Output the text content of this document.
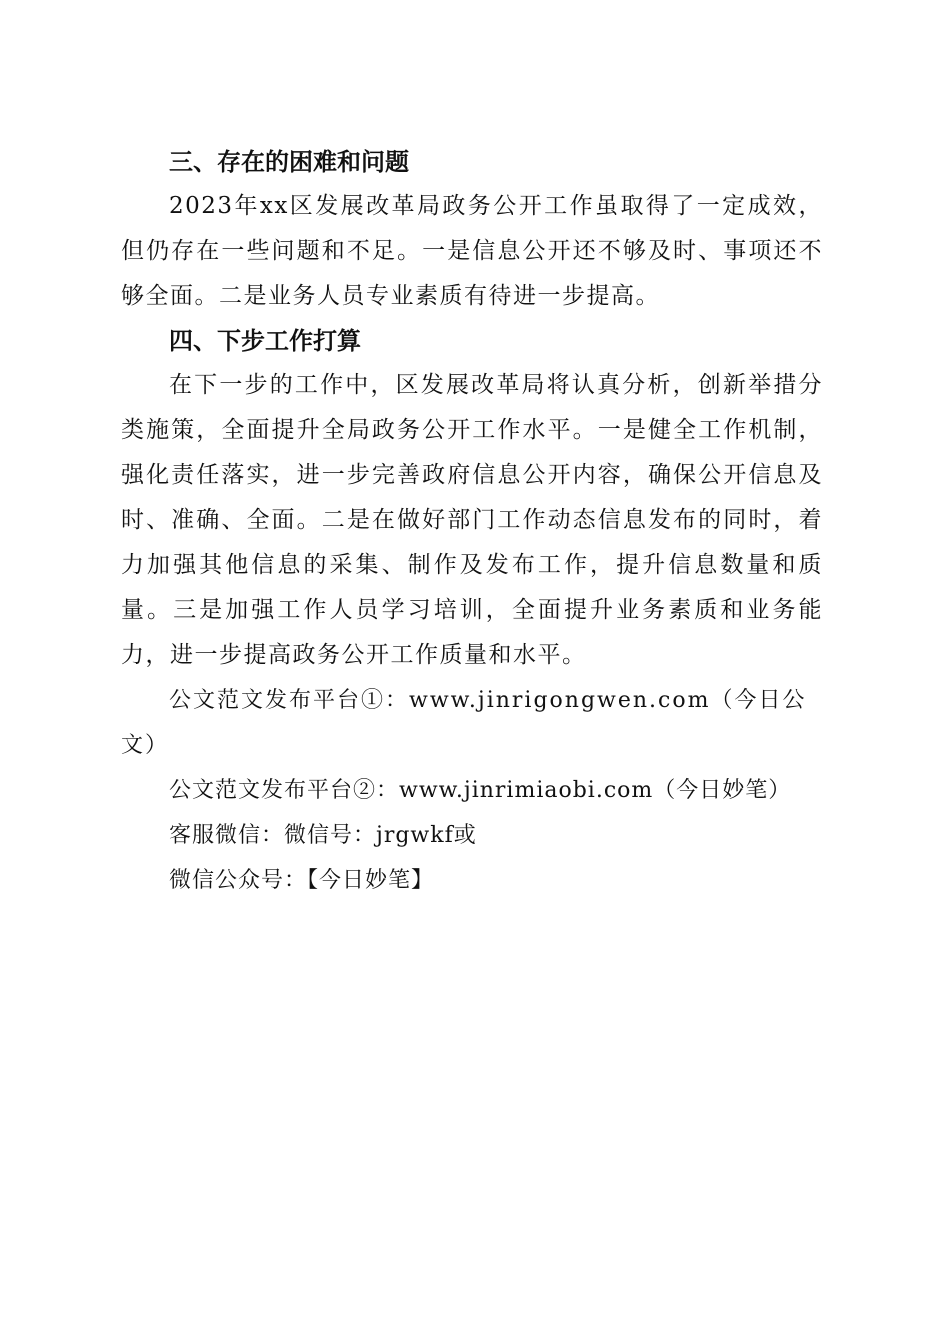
三、存在的困难和问题

2023年xx区发展改革局政务公开工作虽取得了一定成效，但仍存在一些问题和不足。一是信息公开还不够及时、事项还不够全面。二是业务人员专业素质有待进一步提高。

四、下步工作打算

在下一步的工作中，区发展改革局将认真分析，创新举措分类施策，全面提升全局政务公开工作水平。一是健全工作机制，强化责任落实，进一步完善政府信息公开内容，确保公开信息及时、准确、全面。二是在做好部门工作动态信息发布的同时，着力加强其他信息的采集、制作及发布工作，提升信息数量和质量。三是加强工作人员学习培训，全面提升业务素质和业务能力，进一步提高政务公开工作质量和水平。

公文范文发布平台①：www.jinrigongwen.com（今日公文）

公文范文发布平台②：www.jinrimiaobi.com（今日妙笔）

客服微信：微信号：jrgwkf或

微信公众号：【今日妙笔】
